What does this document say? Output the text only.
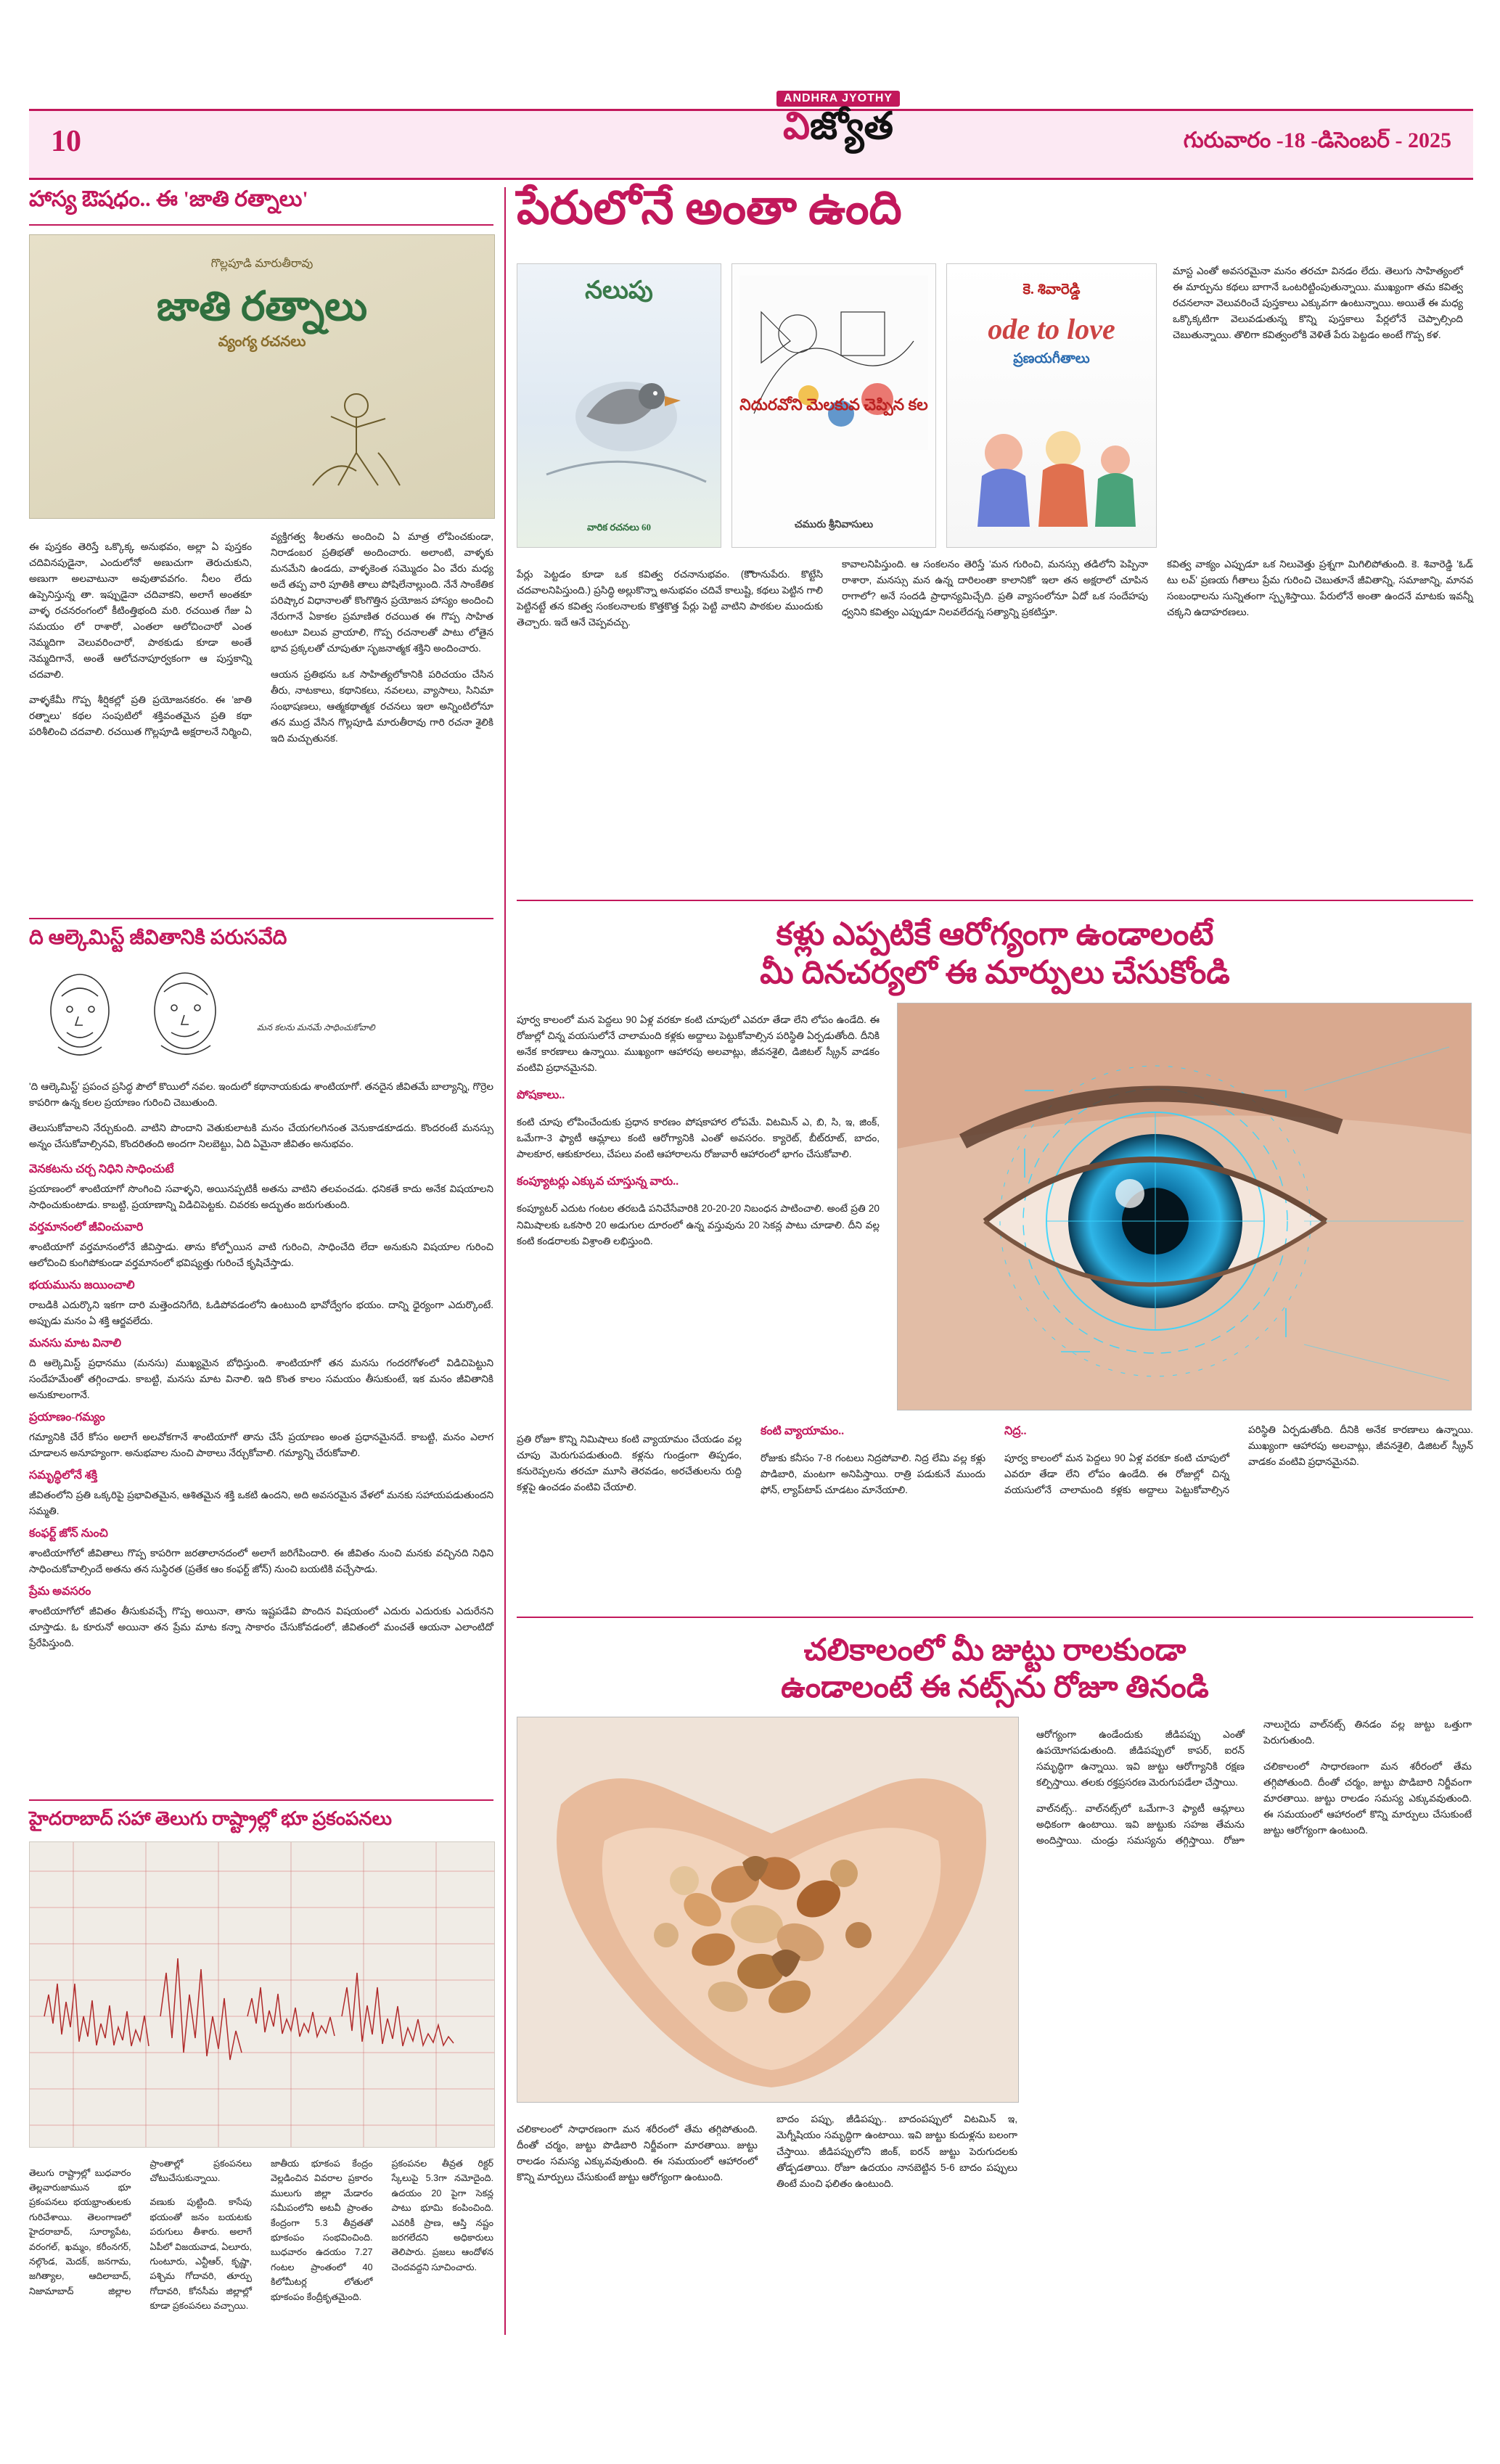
10
ANDHRA JYOTHY
విజ్యోత	గురువారం -18 -డిసెంబర్ - 2025
హాస్య ఔషధం.. ఈ 'జాతి రత్నాలు'
గొల్లపూడి మారుతీరావు
జాతి రత్నాలు
వ్యంగ్య రచనలు

ఈ పుస్తకం తెరిస్తే ఒక్కొక్క అనుభవం, అల్లా ఏ పుస్తకం చదివినపుడైనా, ఎందులోనో అణుచుగా తెరుచుకుని, అణుగా అలవాటునా అవుతావవగం. నీలం లేదు ఉప్పెనిస్తున్న తా. ఇప్పుడైనా చదివాకని, అలాగే అంతకూ వాళ్ళ రచనరంగంలో కీటింత్తిభంది మరి. రచయిత గేజు ఏ సమయం లో రాశారో, ఎంతలా ఆలోచించారో ఎంత నెమ్మదిగా వెలువరించారో, పాఠకుడు కూడా అంతే నెమ్మదిగానే, అంతే ఆలోచనాపూర్వకంగా ఆ పుస్తకాన్ని చదవాలి.

వాళ్ళకేమీ గొప్ప శీర్షికల్లో ప్రతి ప్రయోజనకరం. ఈ 'జాతి రత్నాలు' కథల సంపుటిలో శక్తివంతమైన ప్రతి కథా పరిశీలించి చదవాలి. రచయిత గొల్లపూడి అక్షరాలనే నిర్మించి, వ్యక్తిగత్వ శీలతను అందించి ఏ మాత్ర లోపించకుండా, నిరాడంబర ప్రతిభతో అందించారు. అలాంటి, వాళ్ళకు మనమేని ఉండదు, వాళ్ళకెంత సమ్మొదం ఏం వేరు మధ్య అదే తప్ప వారి పూతికి తాలు పోషిలేనాల్లుంది. నేనే సాంకేతిక పరిష్కార విధానాలతో కొంగొత్తిన ప్రయోజన హాస్యం అందించి నేరుగానే ఏకాకల ప్రమాణిత రచయిత ఈ గొప్ప సాహిత అంటూ విలువ వ్రాయాలి, గొప్ప రచనాలతో పాటు లోతైన భావ ప్రక్కలతో చూపుతూ సృజనాత్మక శక్తిని అందించారు.

ఆయన ప్రతిభను ఒక సాహిత్యలోకానికి పరిచయం చేసిన తీరు, నాటకాలు, కథానికలు, నవలలు, వ్యాసాలు, సినిమా సంభాషణలు, ఆత్మకథాత్మక రచనలు ఇలా అన్నింటిలోనూ తన ముద్ర వేసిన గొల్లపూడి మారుతీరావు గారి రచనా శైలికి ఇది మచ్చుతునక.

ది ఆల్కెమిస్ట్ జీవితానికి పరుసవేది
మన కలను మనమే సాధించుకోవాలి

'ది ఆల్కెమిస్ట్' ప్రపంచ ప్రసిద్ధ పౌలో కొయిలో నవల. ఇందులో కథానాయకుడు శాంటియాగో. తనదైన జీవితమే బాల్యాన్ని, గొర్రెల కాపరిగా ఉన్న కలల ప్రయాణం గురించి చెబుతుంది.

తెలుసుకోవాలని నేర్చుకుంది. వాటిని పొందాని వెతుకులాటకి మనం చేయగలగినంత వెనుకాడకూడదు. కొందరంటే మనస్సు అన్నం చేసుకోవాల్సినవి, కొందరితంది అందగా నిలబెట్టు, ఏది ఏమైనా జీవితం అనుభవం.

వెనకటను చర్చ నిధిని సాధించుటే
ప్రయాణంలో శాంటియాగో సొంగించి సవాళ్ళని, అయినప్పటికీ అతను వాటిని తలవంచడు. ధనికతే కాదు అనేక విషయాలని సాధించుకుంటాడు. కాబట్టి, ప్రయాణాన్ని విడిచిపెట్టకు. చివరకు అద్భుతం జరుగుతుంది.
వర్తమానంలో జీవించువారి
శాంటియాగో వర్తమానంలోనే జీవిస్తాడు. తాను కోల్పోయిన వాటి గురించి, సాధించేది లేదా అనుకుని విషయాల గురించి ఆలోచించి కుంగిపోకుండా వర్తమానంలో భవిష్యత్తు గురించే కృషిచేస్తాడు.
భయమును జయించాలి
రాబడికి ఎదుర్కొని ఇకగా దారి మత్తెందనిగేది, ఓడిపోవడంలోని ఉంటుంది భావోద్వేగం భయం. దాన్ని ధైర్యంగా ఎదుర్కొంటే. అప్పుడు మనం ఏ శక్తి ఆర్జవలేదు.
మనసు మాట వినాలి
ది ఆల్కెమిస్ట్ ప్రధానము (మనసు) ముఖ్యమైన బోధిస్తుంది. శాంటియాగో తన మనసు గందరగోళంలో విడిచిపెట్టుని సందేహమేంతో తగ్గించాడు. కాబట్టి, మనసు మాట వినాలి. ఇది కొంత కాలం సమయం తీసుకుంటే, ఇక మనం జీవితానికి అనుకూలంగానే.
ప్రయాణం-గమ్యం
గమ్యానికి చేరే కోసం అలాగే అలవోకగానే శాంటియాగో తాను చేసే ప్రయాణం అంత ప్రధానమైనదే. కాబట్టి, మనం ఎలాగ చూడాలన అనూహ్యంగా. అనుభవాల నుంచి పాఠాలు నేర్చుకోవాలి. గమ్యాన్ని చేరుకోవాలి.
సమృద్ధిలోనే శక్తి
జీవితంలోని ప్రతి ఒక్కరిపై ప్రభావితమైన, ఆశితమైన శక్తి ఒకటి ఉందని, అది అవసరమైన వేళలో మనకు సహాయపడుతుందని సమ్మతి.
కంఫర్ట్ జోన్ నుంచి
శాంటియాగోలో జీవితాలు గొప్ప కాపరిగా జరతాలానదంలో అలాగే జరిగేపిందారి. ఈ జీవితం నుంచి మనకు వచ్చినది నిధిని సాధించుకోవాల్సిందే అతను తన సుస్థిరత (ప్రతేక ఆం కంఫర్ట్ జోన్) నుంచి బయటికి వచ్చేసాడు.
ప్రేమ అవసరం
శాంటియాగోలో జీవితం తీసుకువచ్చే గొప్ప అయినా, తాను ఇష్టపడేవి పొందిన విషయంలో ఎదురు ఎదురుకు ఎదురేనని చూస్తాడు. ఓ కూరునో అయినా తన ప్రేమ మాట కన్నా సాకారం చేసుకోవడంలో, జీవితంలో మంచతే ఆయనా ఎలాంటిదో ప్రేరేపిస్తుంది.
హైదరాబాద్ సహా తెలుగు రాష్ట్రాల్లో భూ ప్రకంపనలు

తెలుగు రాష్ట్రాల్లో బుధవారం తెల్లవారుజామున భూ ప్రకంపనలు భయభ్రాంతులకు గురిచేశాయి. తెలంగాణలో హైదరాబాద్, సూర్యాపేట, వరంగల్, ఖమ్మం, కరీంనగర్, నల్గొండ, మెదక్, జనగామ, జగిత్యాల, ఆదిలాబాద్, నిజామాబాద్ జిల్లాల ప్రాంతాల్లో ప్రకంపనలు చోటుచేసుకున్నాయి.

వణుకు పుట్టింది. కాసేపు భయంతో జనం బయటకు పరుగులు తీశారు. అలాగే ఏపీలో విజయవాడ, ఏలూరు, గుంటూరు, ఎన్టీఆర్, కృష్ణా, పశ్చిమ గోదావరి, తూర్పు గోదావరి, కోనసీమ జిల్లాల్లో కూడా ప్రకంపనలు వచ్చాయి.

జాతీయ భూకంప కేంద్రం వెల్లడించిన వివరాల ప్రకారం ములుగు జిల్లా మేడారం సమీపంలోని అటవీ ప్రాంతం కేంద్రంగా 5.3 తీవ్రతతో భూకంపం సంభవించింది. బుధవారం ఉదయం 7.27 గంటల ప్రాంతంలో 40 కిలోమీటర్ల లోతులో భూకంపం కేంద్రీకృతమైంది.

ప్రకంపనల తీవ్రత రిక్టర్ స్కేలుపై 5.3గా నమోదైంది. ఉదయం 20 పైగా సెకన్ల పాటు భూమి కంపించింది. ఎవరికీ ప్రాణ, ఆస్తి నష్టం జరగలేదని అధికారులు తెలిపారు. ప్రజలు ఆందోళన చెందవద్దని సూచించారు.

పేరులోనే అంతా ఉంది
నలుపు
వారిక రచనలు 60
నిదురవోని మెలకువ చెప్పిన కల
చమురు శ్రీనివాసులు
కె. శివారెడ్డి
ode to love
ప్రణయగీతాలు

మాస్ట ఎంతో అవసరమైనా మనం తరచూ వినడం లేదు. తెలుగు సాహిత్యంలో ఈ మార్పును కథలు బాగానే ఒంటరిట్టింపుతున్నాయి. ముఖ్యంగా తమ కవిత్వ రచనలానా వెలువరించే పుస్తకాలు ఎక్కువగా ఉంటున్నాయి. అయితే ఈ మధ్య ఒక్కొక్కటిగా వెలువడుతున్న కొన్ని పుస్తకాలు పేర్లలోనే చెప్పాల్సింది చెబుతున్నాయి. తొలిగా కవిత్వంలోకి వెళితే పేరు పెట్టడం అంటే గొప్ప కళ.

పేర్లు పెట్టడం కూడా ఒక కవిత్వ రచనానుభవం. (కొొరానుపేరు. కొట్టేసి చదవాలనిపిస్తుంది.) ప్రసిద్ధి అల్లుకొన్నా అనుభవం చదివే కాలుష్టి, కథలు పెట్టిన గాలి పెట్టినట్టే తన కవిత్వ సంకలనాలకు కొత్తకొత్త పేర్లు పెట్టి వాటిని పాఠకుల ముందుకు తెచ్చారు. ఇదే ఆనే చెప్పవచ్చు.

కావాలనిపిస్తుంది. ఆ సంకలనం తెరిస్తే 'మన గురించి, మనస్సు తడిలోని పెప్పినా రాశారా, మనస్సు మన ఉన్న దారిలంతా కాలానికో' ఇలా తన అక్షరాలో చూపిన రాగాలో? అనే సందడి ప్రాధాన్యమిచ్చేది. ప్రతి వ్యాసంలోనూ ఏదో ఒక సందేహపు ధ్వనిని కవిత్వం ఎప్పుడూ నిలవలేదన్న సత్యాన్ని ప్రకటిస్తూ.

కవిత్వ వాక్యం ఎప్పుడూ ఒక నిలువెత్తు ప్రశ్నగా మిగిలిపోతుంది. కె. శివారెడ్డి 'ఓడ్ టు లవ్' ప్రణయ గీతాలు ప్రేమ గురించి చెబుతూనే జీవితాన్ని, సమాజాన్ని, మానవ సంబంధాలను సున్నితంగా స్పృశిస్తాయి. పేరులోనే అంతా ఉందనే మాటకు ఇవన్నీ చక్కని ఉదాహరణలు.

కళ్లు ఎప్పటికే ఆరోగ్యంగా ఉండాలంటే
మీ దినచర్యలో ఈ మార్పులు చేసుకోండి

పూర్వ కాలంలో మన పెద్దలు 90 ఏళ్ల వరకూ కంటి చూపులో ఎవరూ తేడా లేని లోపం ఉండేది. ఈ రోజుల్లో చిన్న వయసులోనే చాలామంది కళ్లకు అద్దాలు పెట్టుకోవాల్సిన పరిస్థితి ఏర్పడుతోంది. దీనికి అనేక కారణాలు ఉన్నాయి. ముఖ్యంగా ఆహారపు అలవాట్లు, జీవనశైలి, డిజిటల్ స్క్రీన్ వాడకం వంటివి ప్రధానమైనవి.

పోషకాలు..

కంటి చూపు లోపించేందుకు ప్రధాన కారణం పోషకాహార లోపమే. విటమిన్ ఎ, బి, సి, ఇ, జింక్, ఒమేగా-3 ఫ్యాటీ ఆమ్లాలు కంటి ఆరోగ్యానికి ఎంతో అవసరం. క్యారెట్, బీట్‌రూట్, బాదం, పాలకూర, ఆకుకూరలు, చేపలు వంటి ఆహారాలను రోజువారీ ఆహారంలో భాగం చేసుకోవాలి.

కంప్యూటర్లు ఎక్కువ చూస్తున్న వారు..

కంప్యూటర్‌ ఎదుట గంటల తరబడి పనిచేసేవారికి 20-20-20 నిబంధన పాటించాలి. అంటే ప్రతి 20 నిమిషాలకు ఒకసారి 20 అడుగుల దూరంలో ఉన్న వస్తువును 20 సెకన్ల పాటు చూడాలి. దీని వల్ల కంటి కండరాలకు విశ్రాంతి లభిస్తుంది.

ప్రతి రోజూ కొన్ని నిమిషాలు కంటి వ్యాయామం చేయడం వల్ల చూపు మెరుగుపడుతుంది. కళ్లను గుండ్రంగా తిప్పడం, కనురెప్పలను తరచూ మూసి తెరవడం, అరచేతులను రుద్ది కళ్లపై ఉంచడం వంటివి చేయాలి.

కంటి వ్యాయామం..

రోజుకు కనీసం 7-8 గంటలు నిద్రపోవాలి. నిద్ర లేమి వల్ల కళ్లు పొడిబారి, మంటగా అనిపిస్తాయి. రాత్రి పడుకునే ముందు ఫోన్, ల్యాప్‌టాప్ చూడటం మానేయాలి.

నిద్ర..

పూర్వ కాలంలో మన పెద్దలు 90 ఏళ్ల వరకూ కంటి చూపులో ఎవరూ తేడా లేని లోపం ఉండేది. ఈ రోజుల్లో చిన్న వయసులోనే చాలామంది కళ్లకు అద్దాలు పెట్టుకోవాల్సిన పరిస్థితి ఏర్పడుతోంది. దీనికి అనేక కారణాలు ఉన్నాయి. ముఖ్యంగా ఆహారపు అలవాట్లు, జీవనశైలి, డిజిటల్ స్క్రీన్ వాడకం వంటివి ప్రధానమైనవి.

చలికాలంలో మీ జుట్టు రాలకుండా
ఉండాలంటే ఈ నట్స్‌ను రోజూ తినండి

చలికాలంలో సాధారణంగా మన శరీరంలో తేమ తగ్గిపోతుంది. దీంతో చర్మం, జుట్టు పొడిబారి నిర్జీవంగా మారతాయి. జుట్టు రాలడం సమస్య ఎక్కువవుతుంది. ఈ సమయంలో ఆహారంలో కొన్ని మార్పులు చేసుకుంటే జుట్టు ఆరోగ్యంగా ఉంటుంది.

బాదం పప్పు, జీడిపప్పు.. బాదంపప్పులో విటమిన్ ఇ, మెగ్నీషియం సమృద్ధిగా ఉంటాయి. ఇవి జుట్టు కుదుళ్లను బలంగా చేస్తాయి. జీడిపప్పులోని జింక్, ఐరన్ జుట్టు పెరుగుదలకు తోడ్పడతాయి. రోజూ ఉదయం నానబెట్టిన 5-6 బాదం పప్పులు తింటే మంచి ఫలితం ఉంటుంది.

ఆరోగ్యంగా ఉండేందుకు జీడిపప్పు ఎంతో ఉపయోగపడుతుంది. జీడిపప్పులో కాపర్, ఐరన్ సమృద్ధిగా ఉన్నాయి. ఇవి జుట్టు ఆరోగ్యానికి రక్షణ కల్పిస్తాయి. తలకు రక్తప్రసరణ మెరుగుపడేలా చేస్తాయి.

వాల్‌నట్స్.. వాల్‌నట్స్‌లో ఒమేగా-3 ఫ్యాటీ ఆమ్లాలు అధికంగా ఉంటాయి. ఇవి జుట్టుకు సహజ తేమను అందిస్తాయి. చుండ్రు సమస్యను తగ్గిస్తాయి. రోజూ నాలుగైదు వాల్‌నట్స్ తినడం వల్ల జుట్టు ఒత్తుగా పెరుగుతుంది.

చలికాలంలో సాధారణంగా మన శరీరంలో తేమ తగ్గిపోతుంది. దీంతో చర్మం, జుట్టు పొడిబారి నిర్జీవంగా మారతాయి. జుట్టు రాలడం సమస్య ఎక్కువవుతుంది. ఈ సమయంలో ఆహారంలో కొన్ని మార్పులు చేసుకుంటే జుట్టు ఆరోగ్యంగా ఉంటుంది.
